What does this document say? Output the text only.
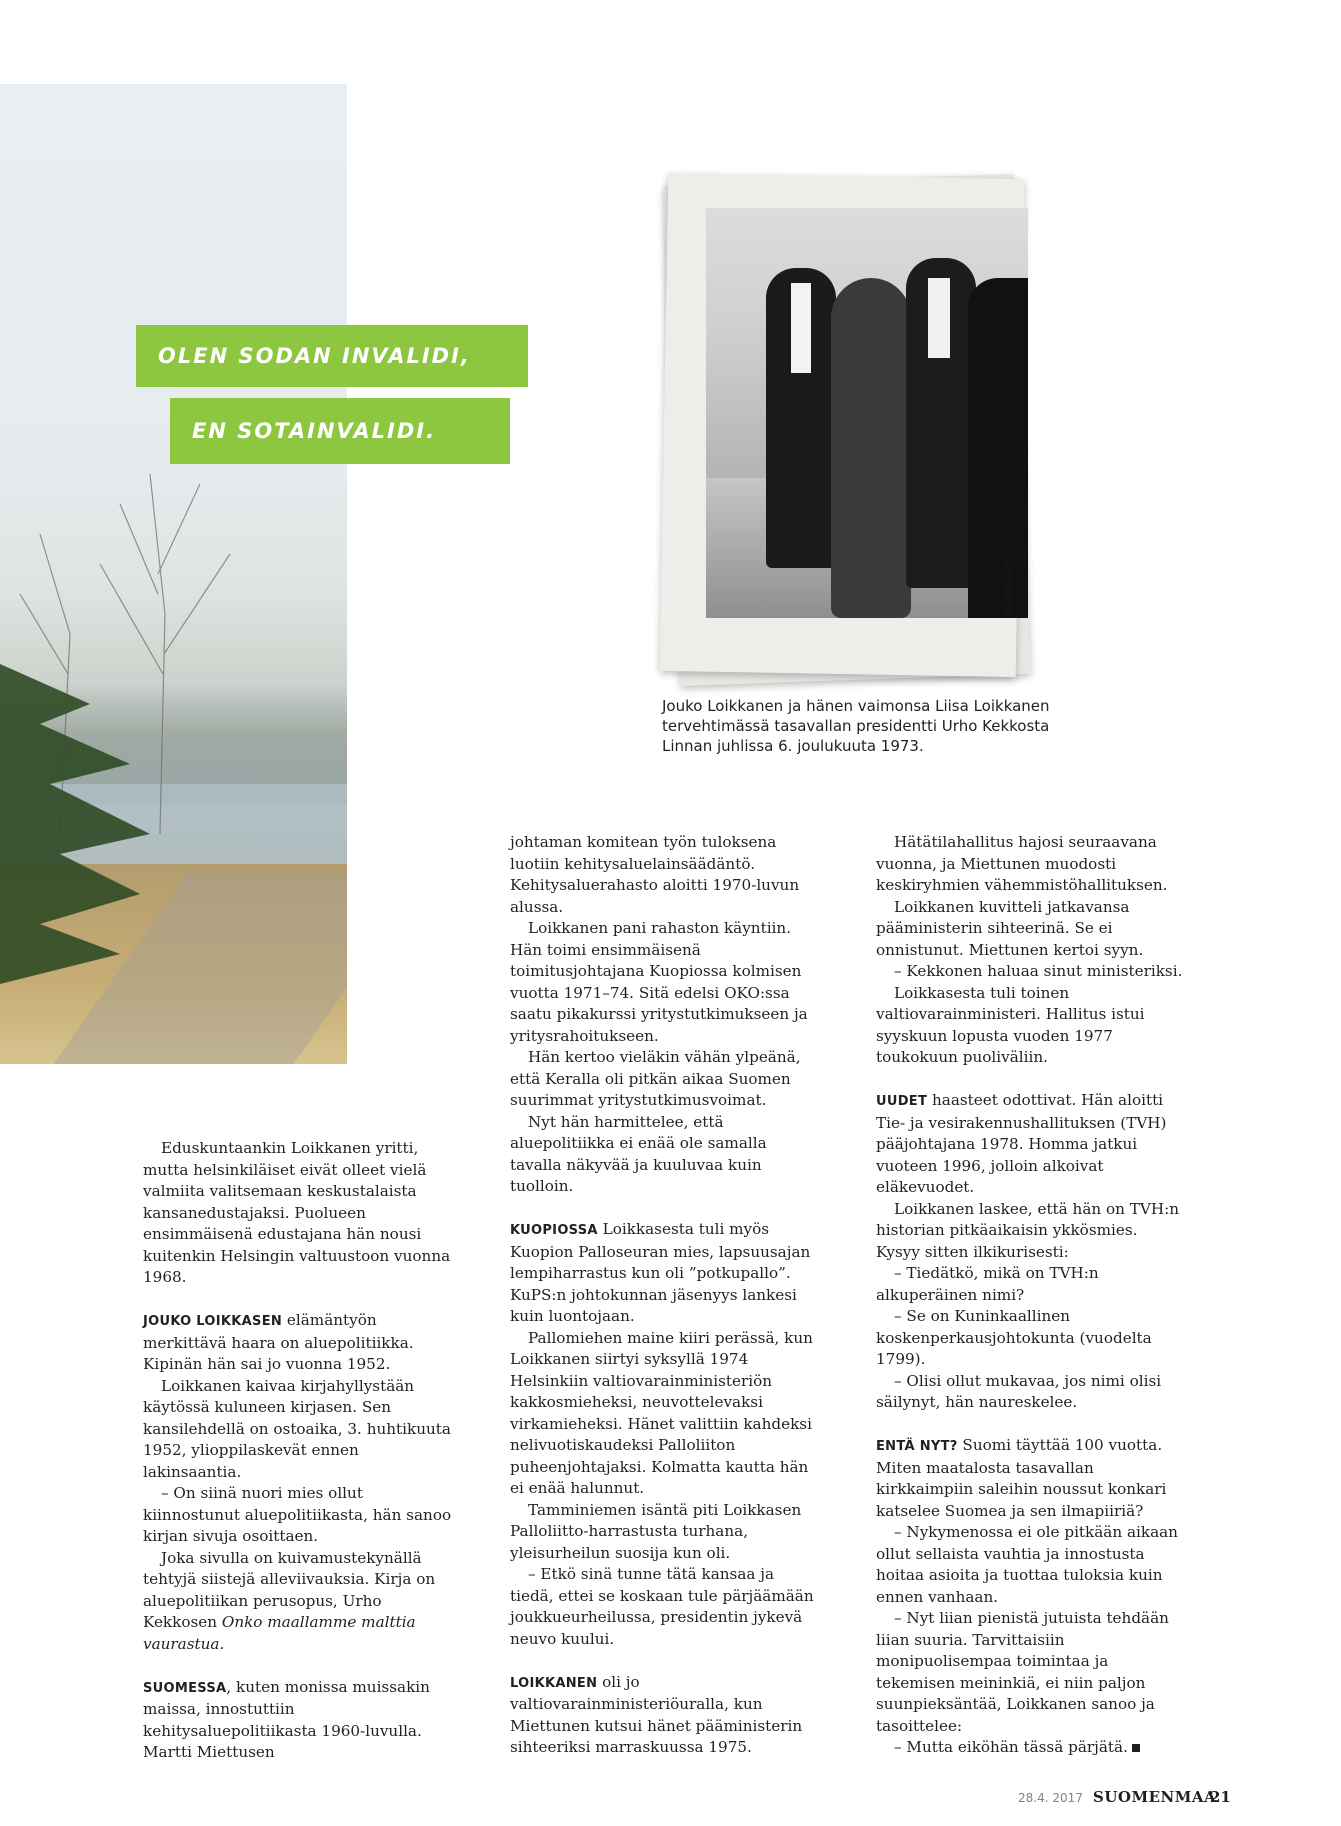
OLEN SODAN INVALIDI,
EN SOTAINVALIDI.
Lehtikuva

Jouko Loikkanen ja hänen vaimonsa Liisa Loikkanen

tervehtimässä tasavallan presidentti Urho Kekkosta

Linnan juhlissa 6. joulukuuta 1973.

Eduskuntaankin Loikkanen yritti, mutta helsinkiläiset eivät olleet vielä valmiita valitsemaan keskustalaista kansanedustajaksi. Puolueen ensimmäisenä edustajana hän nousi kuitenkin Helsingin valtuustoon vuonna 1968.

JOUKO LOIKKASEN elämäntyön merkittävä haara on aluepolitiikka. Kipinän hän sai jo vuonna 1952.

Loikkanen kaivaa kirjahyllystään käytössä kuluneen kirjasen. Sen kansilehdellä on ostoaika, 3. huhtikuuta 1952, ylioppilaskevät ennen lakinsaantia.

– On siinä nuori mies ollut kiinnostunut aluepolitiikasta, hän sanoo kirjan sivuja osoittaen.

Joka sivulla on kuivamustekynällä tehtyjä siistejä alleviivauksia. Kirja on aluepolitiikan perusopus, Urho Kekkosen Onko maallamme malttia vaurastua.

SUOMESSA, kuten monissa muissakin maissa, innostuttiin kehitysaluepolitiikasta 1960-luvulla. Martti Miettusen

johtaman komitean työn tuloksena luotiin kehitysaluelainsäädäntö. Kehitysaluerahasto aloitti 1970-luvun alussa.

Loikkanen pani rahaston käyntiin. Hän toimi ensimmäisenä toimitusjohtajana Kuopiossa kolmisen vuotta 1971–74. Sitä edelsi OKO:ssa saatu pikakurssi yritystutkimukseen ja yritysrahoitukseen.

Hän kertoo vieläkin vähän ylpeänä, että Keralla oli pitkän aikaa Suomen suurimmat yritystutkimusvoimat.

Nyt hän harmittelee, että aluepolitiikka ei enää ole samalla tavalla näkyvää ja kuuluvaa kuin tuolloin.

KUOPIOSSA Loikkasesta tuli myös Kuopion Palloseuran mies, lapsuusajan lempiharrastus kun oli ”potkupallo”. KuPS:n johtokunnan jäsenyys lankesi kuin luontojaan.

Pallomiehen maine kiiri perässä, kun Loikkanen siirtyi syksyllä 1974 Helsinkiin valtiovarainministeriön kakkosmieheksi, neuvottelevaksi virkamieheksi. Hänet valittiin kahdeksi nelivuotiskaudeksi Palloliiton puheenjohtajaksi. Kolmatta kautta hän ei enää halunnut.

Tamminiemen isäntä piti Loikkasen Palloliitto-harrastusta turhana, yleisurheilun suosija kun oli.

– Etkö sinä tunne tätä kansaa ja tiedä, ettei se koskaan tule pärjäämään joukkueurheilussa, presidentin jykevä neuvo kuului.

LOIKKANEN oli jo valtiovarainministeriöuralla, kun Miettunen kutsui hänet pääministerin sihteeriksi marraskuussa 1975.

Hätätilahallitus hajosi seuraavana vuonna, ja Miettunen muodosti keskiryhmien vähemmistöhallituksen.

Loikkanen kuvitteli jatkavansa pääministerin sihteerinä. Se ei onnistunut. Miettunen kertoi syyn.

– Kekkonen haluaa sinut ministeriksi.

Loikkasesta tuli toinen valtiovarainministeri. Hallitus istui syyskuun lopusta vuoden 1977 toukokuun puoliväliin.

UUDET haasteet odottivat. Hän aloitti Tie- ja vesirakennushallituksen (TVH) pääjohtajana 1978. Homma jatkui vuoteen 1996, jolloin alkoivat eläkevuodet.

Loikkanen laskee, että hän on TVH:n historian pitkäaikaisin ykkösmies. Kysyy sitten ilkikurisesti:

– Tiedätkö, mikä on TVH:n alkuperäinen nimi?

– Se on Kuninkaallinen koskenperkausjohtokunta (vuodelta 1799).

– Olisi ollut mukavaa, jos nimi olisi säilynyt, hän naureskelee.

ENTÄ NYT? Suomi täyttää 100 vuotta. Miten maatalosta tasavallan kirkkaimpiin saleihin noussut konkari katselee Suomea ja sen ilmapiiriä?

– Nykymenossa ei ole pitkään aikaan ollut sellaista vauhtia ja innostusta hoitaa asioita ja tuottaa tuloksia kuin ennen vanhaan.

– Nyt liian pienistä jutuista tehdään liian suuria. Tarvittaisiin monipuolisempaa toimintaa ja tekemisen meininkiä, ei niin paljon suunpieksäntää, Loikkanen sanoo ja tasoittelee:

– Mutta eiköhän tässä pärjätä.

28.4. 2017 SUOMENMAA
21
